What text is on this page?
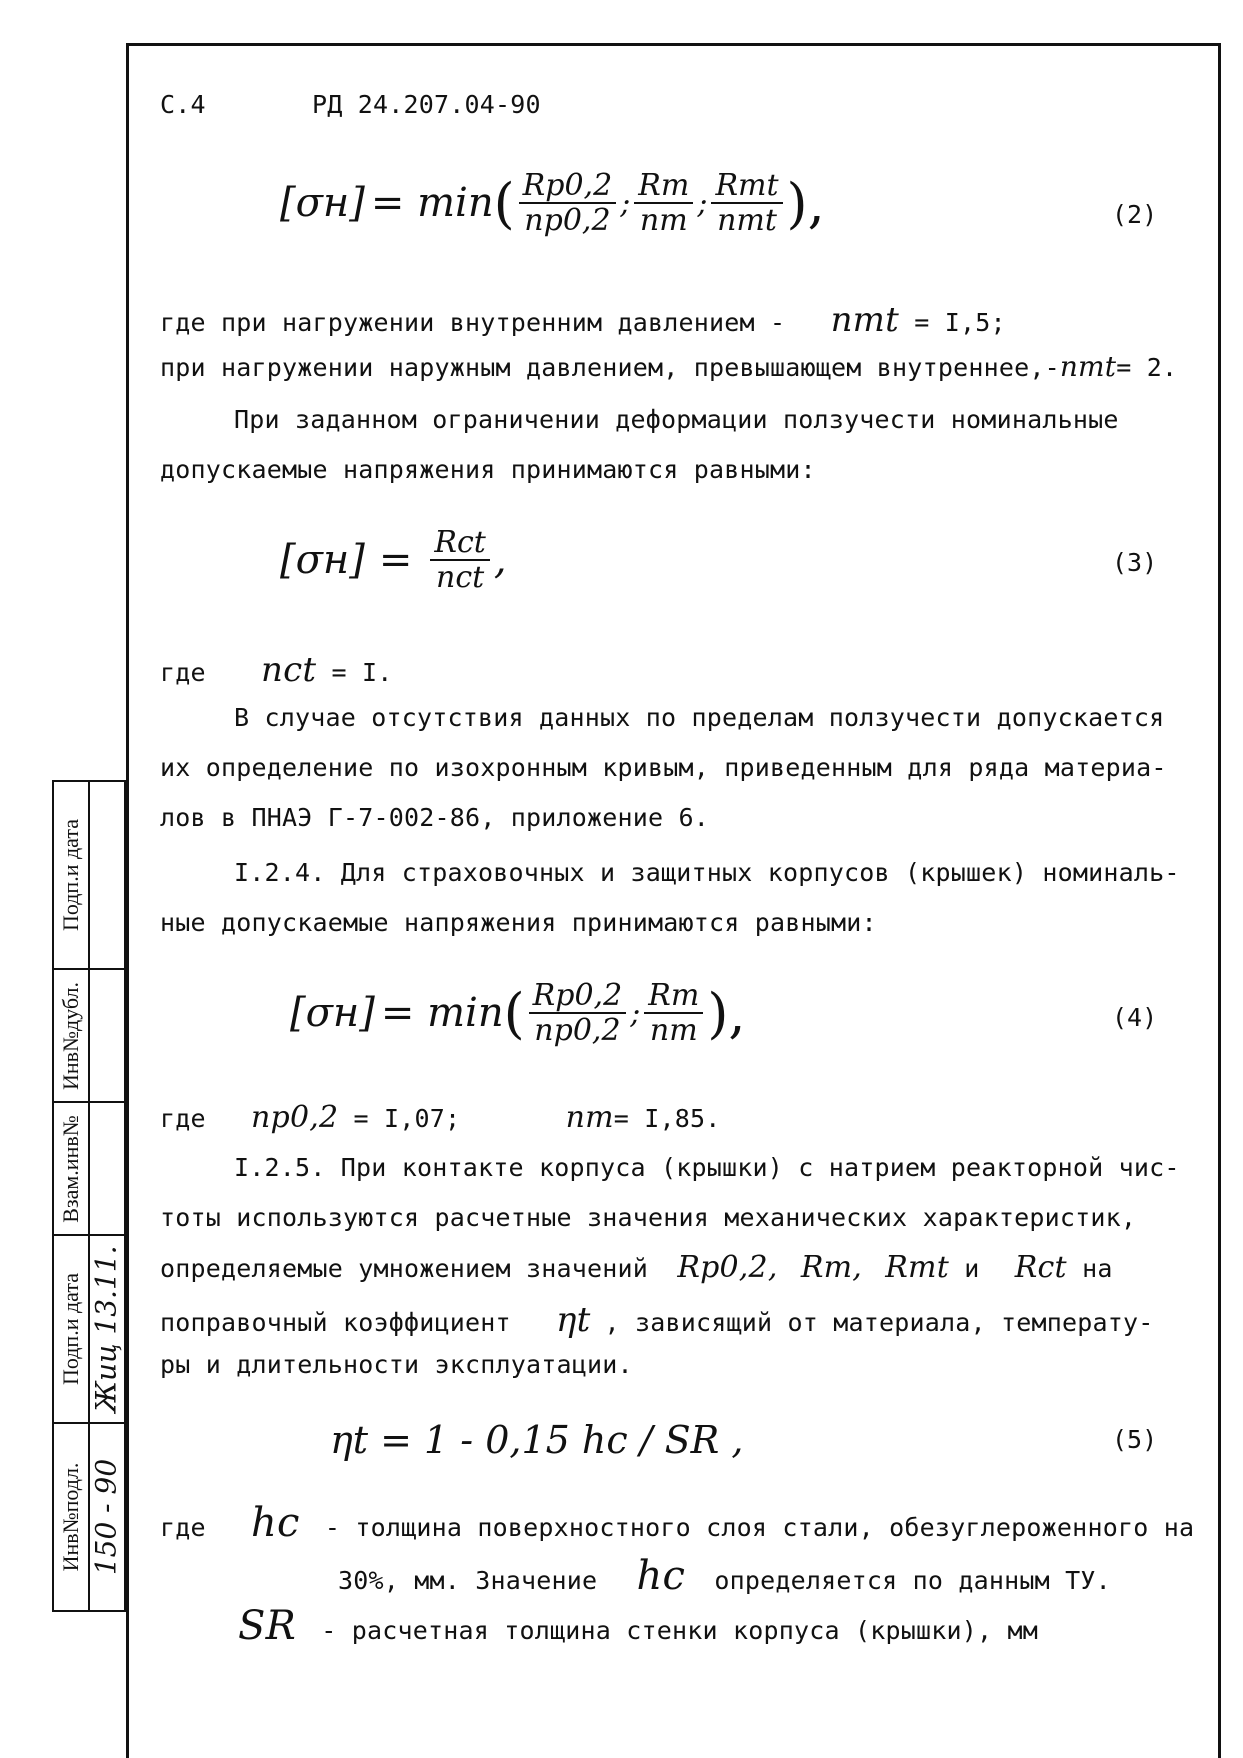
Подп.и дата
Инв№дубл.
Взам.инв№
Подп.и дата Жиц 13.11.
Инв№подл. 150 - 90
С.4	РД 24.207.04-90
[σн] = min ( $\frac{Rp0,2}{np0,2}$ ; $\frac{Rm}{nm}$ ; $\frac{\text{Rmt}}{\text{nmt}}$ ),	(2)
где при нагружении внутренним давлением - nmt = I,5;
при нагружении наружным давлением, превышающем внутреннее,-nmt= 2.
При заданном ограничении деформации ползучести номинальные
допускаемые напряжения принимаются равными:
$[\sigma н] = \frac{\text{Rct}}{\text{nct}}$ ,	(3)
где nct = I.
В случае отсутствия данных по пределам ползучести допускается
их определение по изохронным кривым, приведенным для ряда материа-
лов в ПНАЭ Г-7-002-86, приложение 6.
I.2.4. Для страховочных и защитных корпусов (крышек) номиналь-
ные допускаемые напряжения принимаются равными:
[σн] = min ( $\frac{Rp0,2}{np0,2}$ ; $\frac{Rm}{nm}$ ),	(4)
где np0,2 = I,07;	nm= I,85.
I.2.5. При контакте корпуса (крышки) с натрием реакторной чис-
тоты используются расчетные значения механических характеристик,
определяемые умножением значений Rp0,2, Rm, Rmt и Rct на
поправочный коэффициент ηt , зависящий от материала, температу-
ры и длительности эксплуатации.
ηt = 1 - 0,15 hc / SR ,	(5)
где hc - толщина поверхностного слоя стали, обезуглероженного на
30%, мм. Значение hc определяется по данным ТУ.
SR - расчетная толщина стенки корпуса (крышки), мм
